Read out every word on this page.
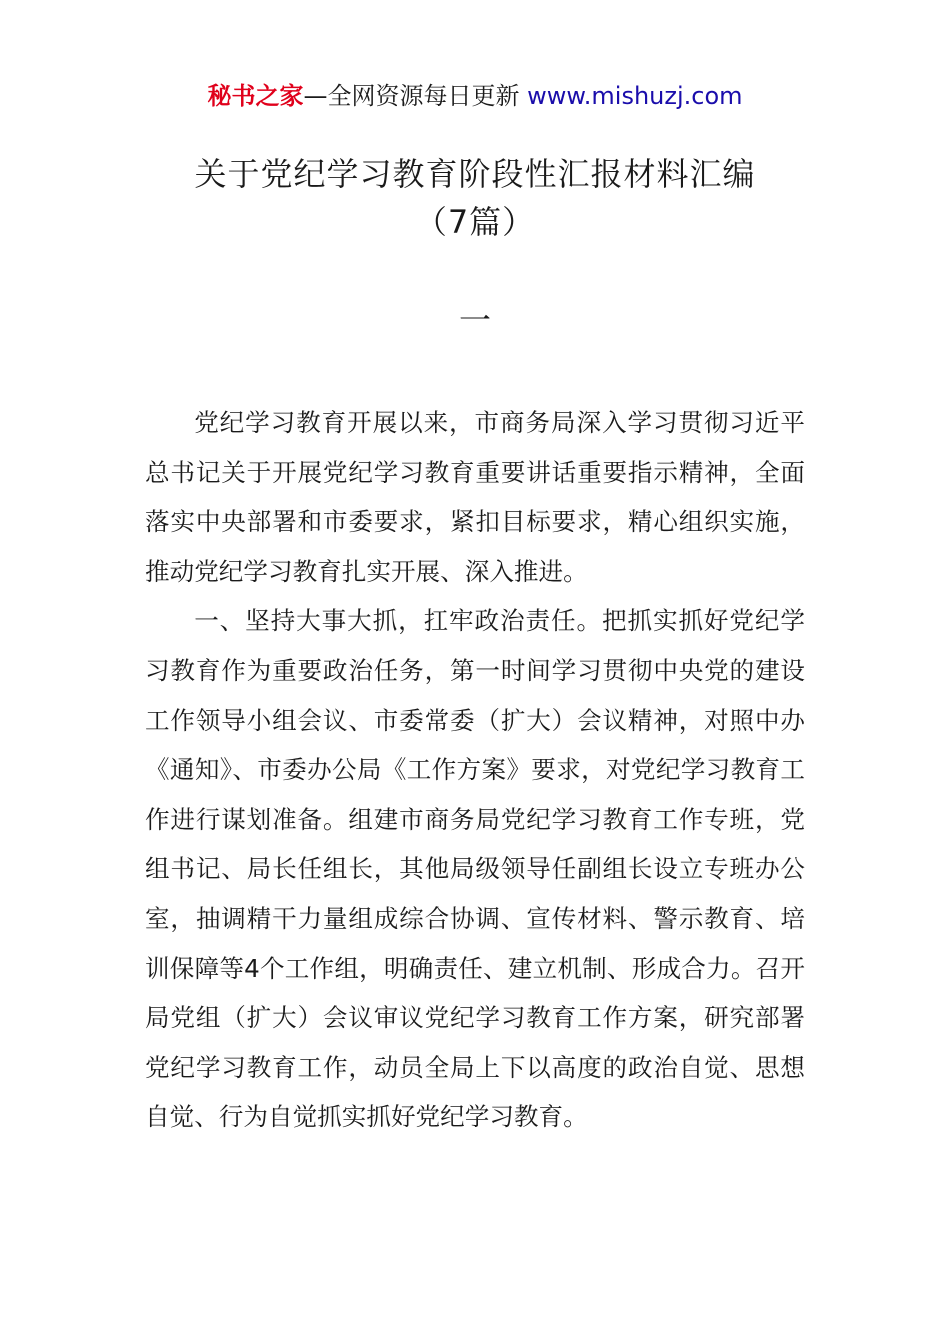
秘书之家—全网资源每日更新 www.mishuzj.com
关于党纪学习教育阶段性汇报材料汇编
（7篇）
一

党纪学习教育开展以来，市商务局深入学习贯彻习近平总书记关于开展党纪学习教育重要讲话重要指示精神，全面落实中央部署和市委要求，紧扣目标要求，精心组织实施，推动党纪学习教育扎实开展、深入推进。

一、坚持大事大抓，扛牢政治责任。把抓实抓好党纪学习教育作为重要政治任务，第一时间学习贯彻中央党的建设工作领导小组会议、市委常委（扩大）会议精神，对照中办《通知》、市委办公局《工作方案》要求，对党纪学习教育工作进行谋划准备。组建市商务局党纪学习教育工作专班，党组书记、局长任组长，其他局级领导任副组长设立专班办公室，抽调精干力量组成综合协调、宣传材料、警示教育、培训保障等4个工作组，明确责任、建立机制、形成合力。召开局党组（扩大）会议审议党纪学习教育工作方案，研究部署党纪学习教育工作，动员全局上下以高度的政治自觉、思想自觉、行为自觉抓实抓好党纪学习教育。
